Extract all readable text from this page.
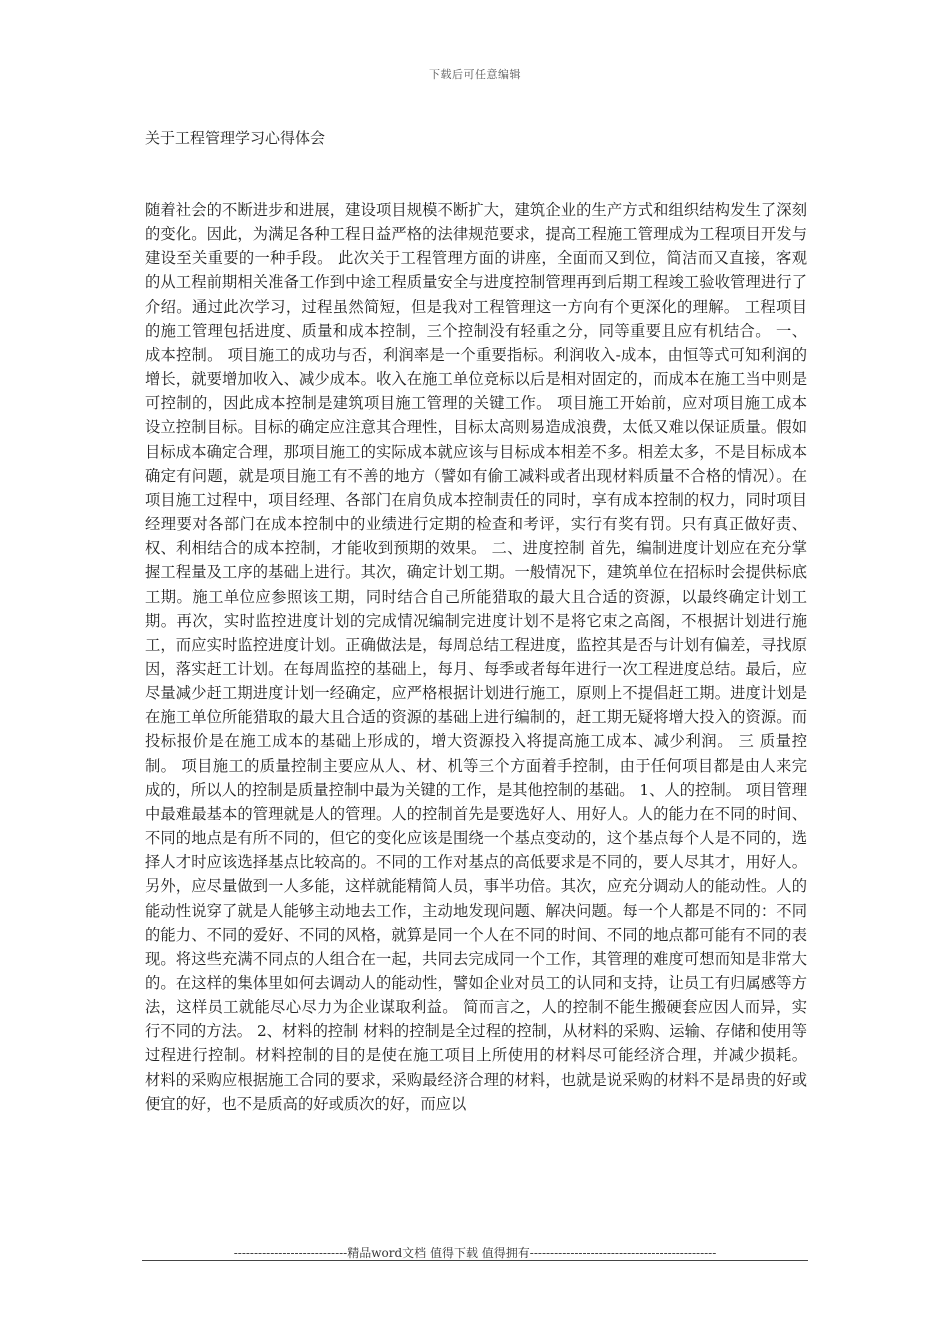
下载后可任意编辑
关于工程管理学习心得体会

随着社会的不断进步和进展，建设项目规模不断扩大，建筑企业的生产方式和组织结构发生了深刻的变化。因此，为满足各种工程日益严格的法律规范要求，提高工程施工管理成为工程项目开发与建设至关重要的一种手段。 此次关于工程管理方面的讲座，全面而又到位，简洁而又直接，客观的从工程前期相关准备工作到中途工程质量安全与进度控制管理再到后期工程竣工验收管理进行了介绍。通过此次学习，过程虽然简短，但是我对工程管理这一方向有个更深化的理解。 工程项目的施工管理包括进度、质量和成本控制，三个控制没有轻重之分，同等重要且应有机结合。 一、成本控制。 项目施工的成功与否，利润率是一个重要指标。利润收入-成本，由恒等式可知利润的增长，就要增加收入、减少成本。收入在施工单位竞标以后是相对固定的，而成本在施工当中则是可控制的，因此成本控制是建筑项目施工管理的关键工作。 项目施工开始前，应对项目施工成本设立控制目标。目标的确定应注意其合理性，目标太高则易造成浪费，太低又难以保证质量。假如目标成本确定合理，那项目施工的实际成本就应该与目标成本相差不多。相差太多，不是目标成本确定有问题，就是项目施工有不善的地方（譬如有偷工减料或者出现材料质量不合格的情况）。在项目施工过程中，项目经理、各部门在肩负成本控制责任的同时，享有成本控制的权力，同时项目经理要对各部门在成本控制中的业绩进行定期的检查和考评，实行有奖有罚。只有真正做好责、权、利相结合的成本控制，才能收到预期的效果。 二、进度控制 首先，编制进度计划应在充分掌握工程量及工序的基础上进行。其次，确定计划工期。一般情况下，建筑单位在招标时会提供标底工期。施工单位应参照该工期，同时结合自己所能猎取的最大且合适的资源，以最终确定计划工期。再次，实时监控进度计划的完成情况编制完进度计划不是将它束之高阁，不根据计划进行施工，而应实时监控进度计划。正确做法是，每周总结工程进度，监控其是否与计划有偏差，寻找原因，落实赶工计划。在每周监控的基础上，每月、每季或者每年进行一次工程进度总结。最后，应尽量减少赶工期进度计划一经确定，应严格根据计划进行施工，原则上不提倡赶工期。进度计划是在施工单位所能猎取的最大且合适的资源的基础上进行编制的，赶工期无疑将增大投入的资源。而投标报价是在施工成本的基础上形成的，增大资源投入将提高施工成本、减少利润。 三 质量控制。 项目施工的质量控制主要应从人、材、机等三个方面着手控制，由于任何项目都是由人来完成的，所以人的控制是质量控制中最为关键的工作，是其他控制的基础。 1、人的控制。 项目管理中最难最基本的管理就是人的管理。人的控制首先是要选好人、用好人。人的能力在不同的时间、不同的地点是有所不同的，但它的变化应该是围绕一个基点变动的，这个基点每个人是不同的，选择人才时应该选择基点比较高的。不同的工作对基点的高低要求是不同的，要人尽其才，用好人。另外，应尽量做到一人多能，这样就能精简人员，事半功倍。其次，应充分调动人的能动性。人的能动性说穿了就是人能够主动地去工作，主动地发现问题、解决问题。每一个人都是不同的：不同的能力、不同的爱好、不同的风格，就算是同一个人在不同的时间、不同的地点都可能有不同的表现。将这些充满不同点的人组合在一起，共同去完成同一个工作，其管理的难度可想而知是非常大的。在这样的集体里如何去调动人的能动性，譬如企业对员工的认同和支持，让员工有归属感等方法，这样员工就能尽心尽力为企业谋取利益。 简而言之，人的控制不能生搬硬套应因人而异，实行不同的方法。 2、材料的控制 材料的控制是全过程的控制，从材料的采购、运输、存储和使用等过程进行控制。材料控制的目的是使在施工项目上所使用的材料尽可能经济合理，并减少损耗。 材料的采购应根据施工合同的要求，采购最经济合理的材料，也就是说采购的材料不是昂贵的好或便宜的好，也不是质高的好或质次的好，而应以

----------------------------精品word文档 值得下载 值得拥有----------------------------------------------
